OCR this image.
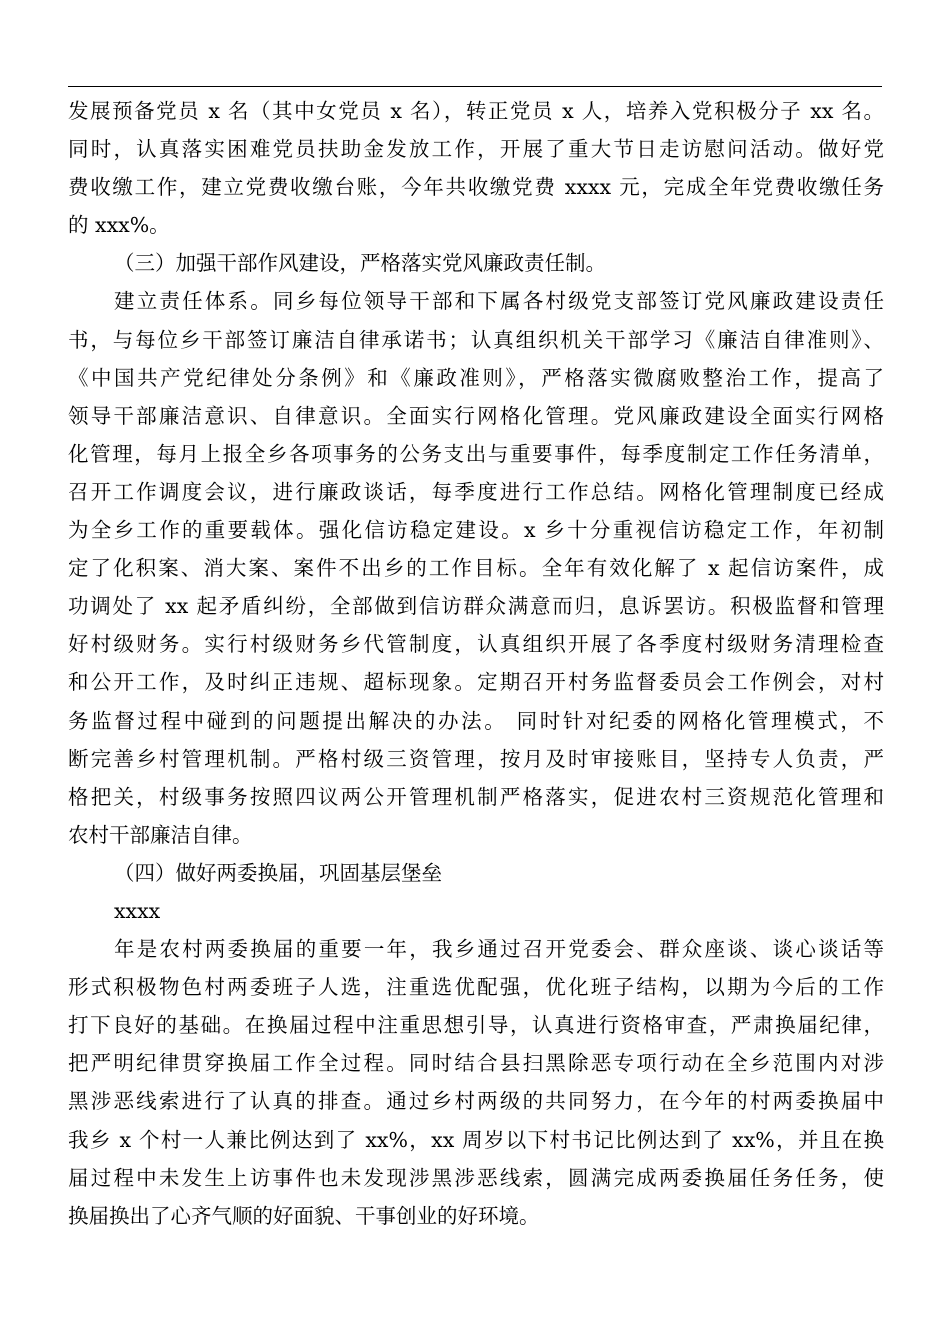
发展预备党员 x 名（其中女党员 x 名），转正党员 x 人，培养入党积极分子 xx 名。
同时，认真落实困难党员扶助金发放工作，开展了重大节日走访慰问活动。做好党
费收缴工作，建立党费收缴台账，今年共收缴党费 xxxx 元，完成全年党费收缴任务
的 xxx%。
（三）加强干部作风建设，严格落实党风廉政责任制。
建立责任体系。同乡每位领导干部和下属各村级党支部签订党风廉政建设责任
书，与每位乡干部签订廉洁自律承诺书；认真组织机关干部学习《廉洁自律准则》、
《中国共产党纪律处分条例》和《廉政准则》，严格落实微腐败整治工作，提高了
领导干部廉洁意识、自律意识。全面实行网格化管理。党风廉政建设全面实行网格
化管理，每月上报全乡各项事务的公务支出与重要事件，每季度制定工作任务清单，
召开工作调度会议，进行廉政谈话，每季度进行工作总结。网格化管理制度已经成
为全乡工作的重要载体。强化信访稳定建设。x 乡十分重视信访稳定工作，年初制
定了化积案、消大案、案件不出乡的工作目标。全年有效化解了 x 起信访案件，成
功调处了 xx 起矛盾纠纷，全部做到信访群众满意而归，息诉罢访。积极监督和管理
好村级财务。实行村级财务乡代管制度，认真组织开展了各季度村级财务清理检查
和公开工作，及时纠正违规、超标现象。定期召开村务监督委员会工作例会，对村
务监督过程中碰到的问题提出解决的办法。 同时针对纪委的网格化管理模式，不
断完善乡村管理机制。严格村级三资管理，按月及时审接账目，坚持专人负责，严
格把关，村级事务按照四议两公开管理机制严格落实，促进农村三资规范化管理和
农村干部廉洁自律。
（四）做好两委换届，巩固基层堡垒
xxxx
年是农村两委换届的重要一年，我乡通过召开党委会、群众座谈、谈心谈话等
形式积极物色村两委班子人选，注重选优配强，优化班子结构，以期为今后的工作
打下良好的基础。在换届过程中注重思想引导，认真进行资格审查，严肃换届纪律，
把严明纪律贯穿换届工作全过程。同时结合县扫黑除恶专项行动在全乡范围内对涉
黑涉恶线索进行了认真的排查。通过乡村两级的共同努力，在今年的村两委换届中
我乡 x 个村一人兼比例达到了 xx%，xx 周岁以下村书记比例达到了 xx%，并且在换
届过程中未发生上访事件也未发现涉黑涉恶线索，圆满完成两委换届任务任务，使
换届换出了心齐气顺的好面貌、干事创业的好环境。
